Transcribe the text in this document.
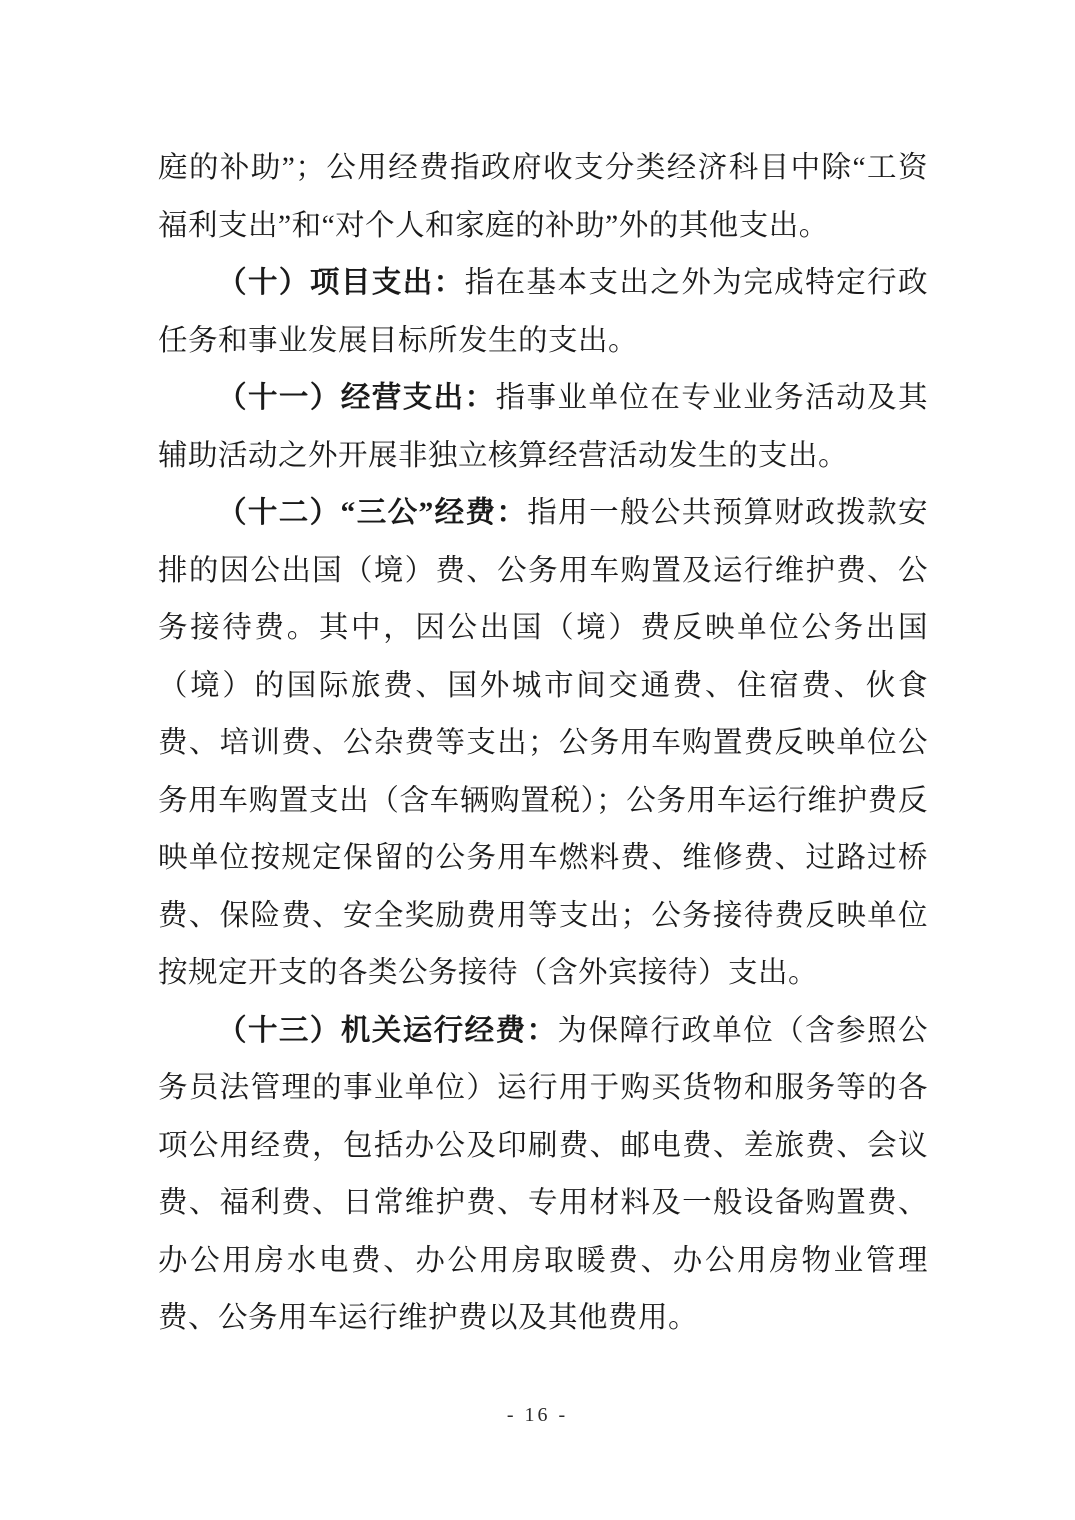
庭的补助”；公用经费指政府收支分类经济科目中除“工资福利支出”和“对个人和家庭的补助”外的其他支出。

（十）项目支出：指在基本支出之外为完成特定行政任务和事业发展目标所发生的支出。

（十一）经营支出：指事业单位在专业业务活动及其辅助活动之外开展非独立核算经营活动发生的支出。

（十二）“三公”经费：指用一般公共预算财政拨款安排的因公出国（境）费、公务用车购置及运行维护费、公务接待费。其中，因公出国（境）费反映单位公务出国（境）的国际旅费、国外城市间交通费、住宿费、伙食费、培训费、公杂费等支出；公务用车购置费反映单位公务用车购置支出（含车辆购置税）；公务用车运行维护费反映单位按规定保留的公务用车燃料费、维修费、过路过桥费、保险费、安全奖励费用等支出；公务接待费反映单位按规定开支的各类公务接待（含外宾接待）支出。

（十三）机关运行经费：为保障行政单位（含参照公务员法管理的事业单位）运行用于购买货物和服务等的各项公用经费，包括办公及印刷费、邮电费、差旅费、会议费、福利费、日常维护费、专用材料及一般设备购置费、办公用房水电费、办公用房取暖费、办公用房物业管理费、公务用车运行维护费以及其他费用。

- 16 -
